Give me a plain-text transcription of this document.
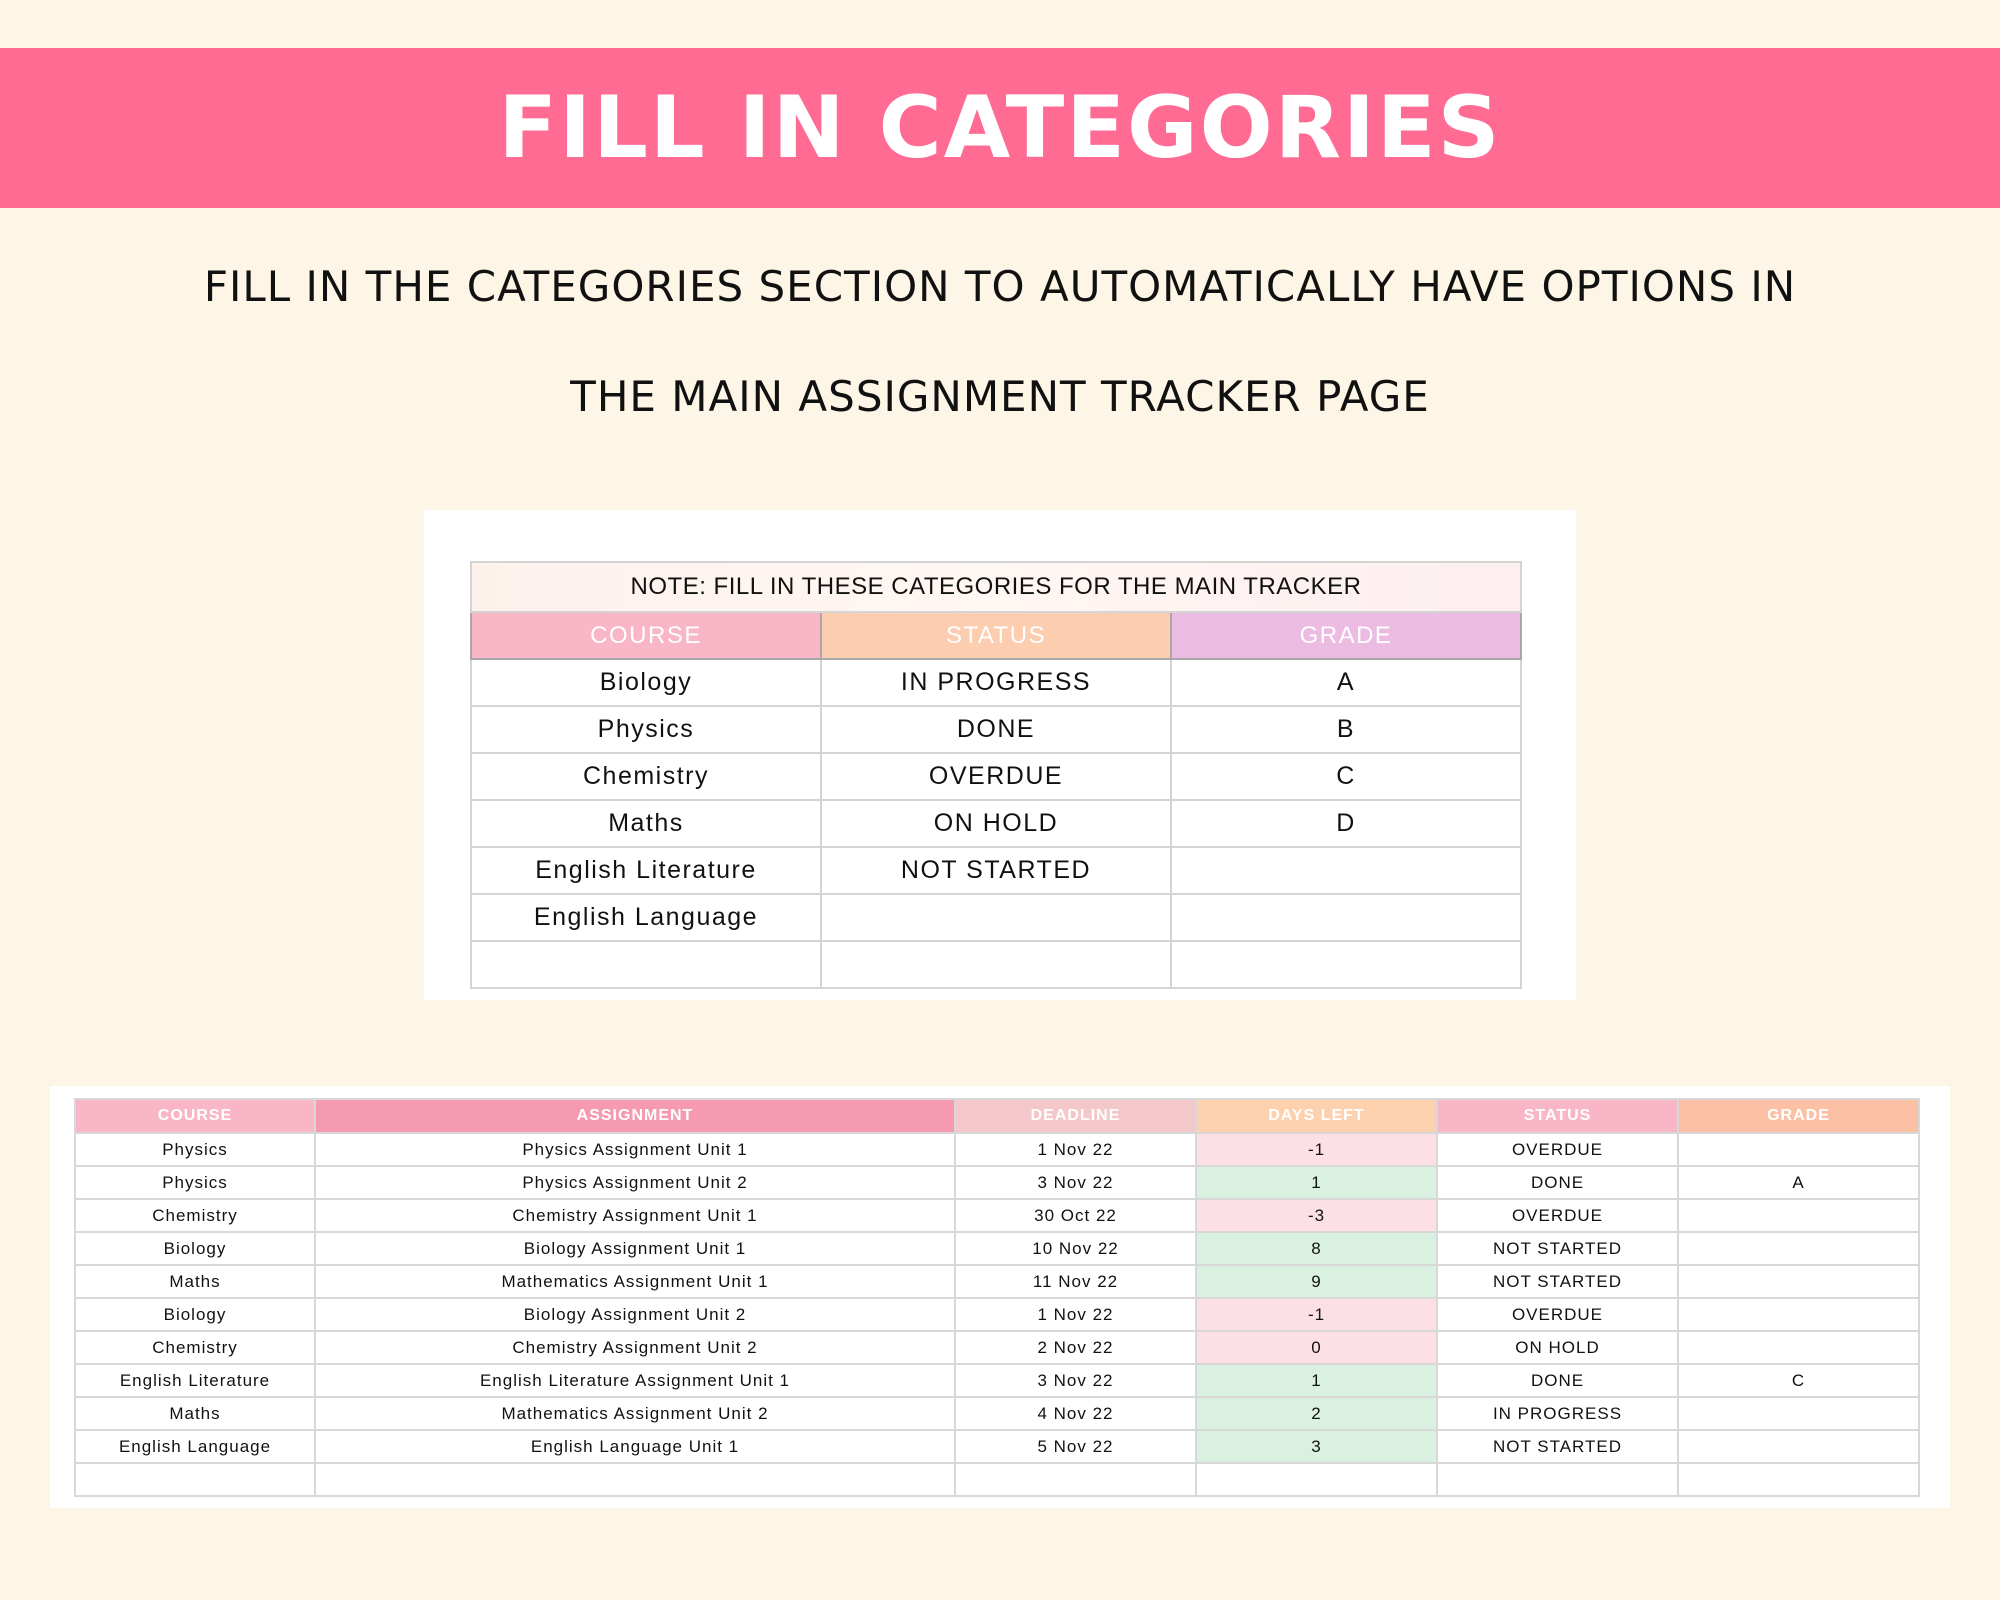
FILL IN CATEGORIES
FILL IN THE CATEGORIES SECTION TO AUTOMATICALLY HAVE OPTIONS IN
THE MAIN ASSIGNMENT TRACKER PAGE
NOTE: FILL IN THESE CATEGORIES FOR THE MAIN TRACKER		
COURSE	STATUS	GRADE
Biology	IN PROGRESS	A
Physics	DONE	B
Chemistry	OVERDUE	C
Maths	ON HOLD	D
English Literature	NOT STARTED	
English Language		

COURSE	ASSIGNMENT	DEADLINE	DAYS LEFT	STATUS	GRADE
Physics	Physics Assignment Unit 1	1 Nov 22	-1	OVERDUE	
Physics	Physics Assignment Unit 2	3 Nov 22	1	DONE	A
Chemistry	Chemistry Assignment Unit 1	30 Oct 22	-3	OVERDUE	
Biology	Biology Assignment Unit 1	10 Nov 22	8	NOT STARTED	
Maths	Mathematics Assignment Unit 1	11 Nov 22	9	NOT STARTED	
Biology	Biology Assignment Unit 2	1 Nov 22	-1	OVERDUE	
Chemistry	Chemistry Assignment Unit 2	2 Nov 22	0	ON HOLD	
English Literature	English Literature Assignment Unit 1	3 Nov 22	1	DONE	C
Maths	Mathematics Assignment Unit 2	4 Nov 22	2	IN PROGRESS	
English Language	English Language Unit 1	5 Nov 22	3	NOT STARTED	
